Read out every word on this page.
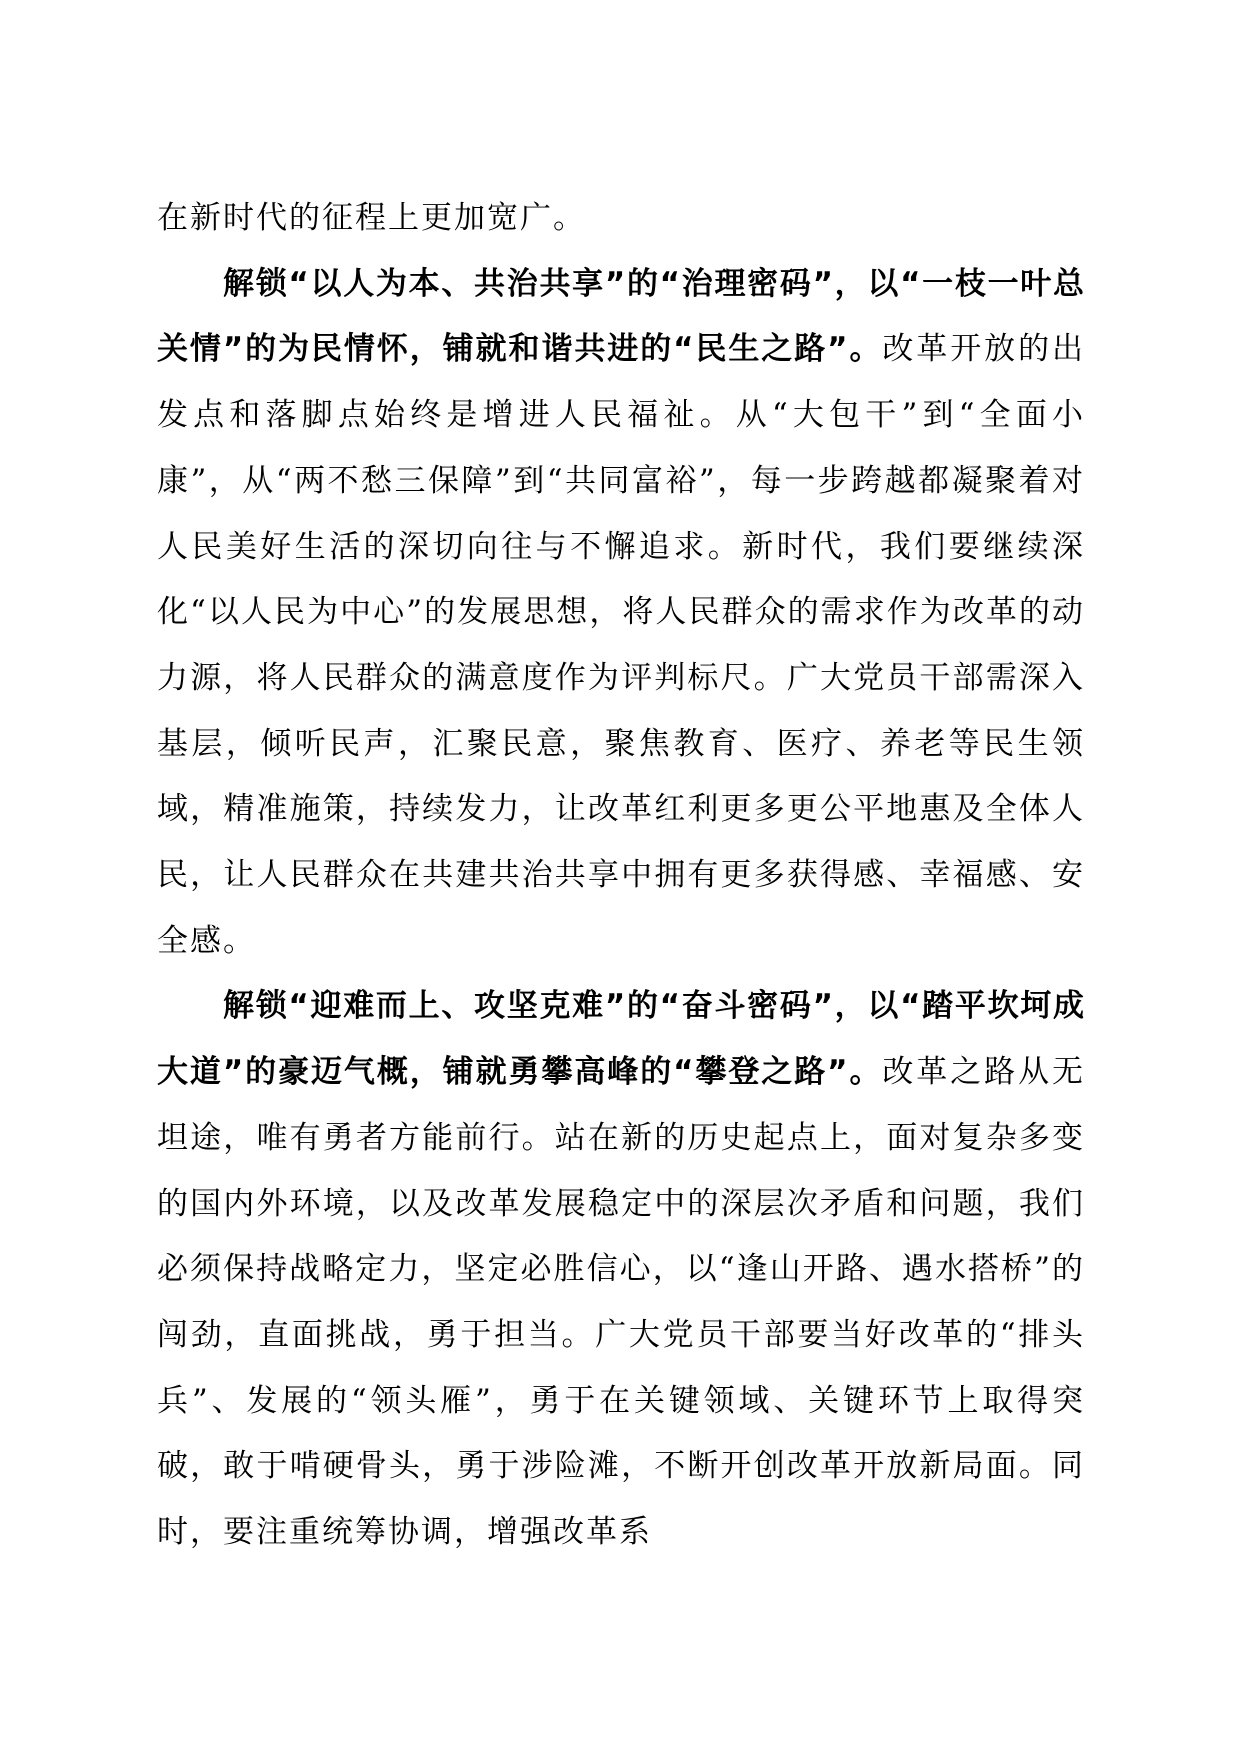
在新时代的征程上更加宽广。

解锁“以人为本、共治共享”的“治理密码”，以“一枝一叶总关情”的为民情怀，铺就和谐共进的“民生之路”。改革开放的出发点和落脚点始终是增进人民福祉。从“大包干”到“全面小康”，从“两不愁三保障”到“共同富裕”，每一步跨越都凝聚着对人民美好生活的深切向往与不懈追求。新时代，我们要继续深化“以人民为中心”的发展思想，将人民群众的需求作为改革的动力源，将人民群众的满意度作为评判标尺。广大党员干部需深入基层，倾听民声，汇聚民意，聚焦教育、医疗、养老等民生领域，精准施策，持续发力，让改革红利更多更公平地惠及全体人民，让人民群众在共建共治共享中拥有更多获得感、幸福感、安全感。

解锁“迎难而上、攻坚克难”的“奋斗密码”，以“踏平坎坷成大道”的豪迈气概，铺就勇攀高峰的“攀登之路”。改革之路从无坦途，唯有勇者方能前行。站在新的历史起点上，面对复杂多变的国内外环境，以及改革发展稳定中的深层次矛盾和问题，我们必须保持战略定力，坚定必胜信心，以“逢山开路、遇水搭桥”的闯劲，直面挑战，勇于担当。广大党员干部要当好改革的“排头兵”、发展的“领头雁”，勇于在关键领域、关键环节上取得突破，敢于啃硬骨头，勇于涉险滩，不断开创改革开放新局面。同时，要注重统筹协调，增强改革系
